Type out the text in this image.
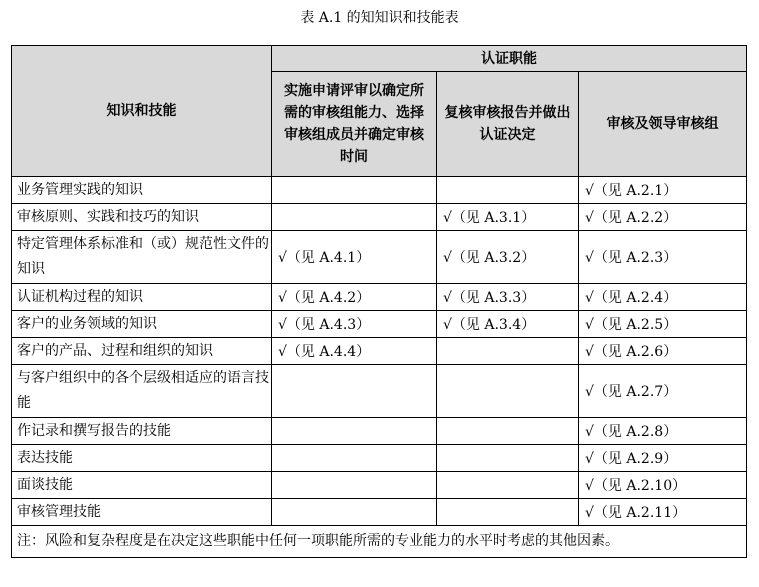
表 A.1 的知知识和技能表
知识和技能	认证职能		
	实施申请评审以确定所需的审核组能力、选择审核组成员并确定审核时间	复核审核报告并做出认证决定	审核及领导审核组
业务管理实践的知识			√（见 A.2.1）
审核原则、实践和技巧的知识		√（见 A.3.1）	√（见 A.2.2）
特定管理体系标准和（或）规范性文件的知识	√（见 A.4.1）	√（见 A.3.2）	√（见 A.2.3）
认证机构过程的知识	√（见 A.4.2）	√（见 A.3.3）	√（见 A.2.4）
客户的业务领域的知识	√（见 A.4.3）	√（见 A.3.4）	√（见 A.2.5）
客户的产品、过程和组织的知识	√（见 A.4.4）		√（见 A.2.6）
与客户组织中的各个层级相适应的语言技能			√（见 A.2.7）
作记录和撰写报告的技能			√（见 A.2.8）
表达技能			√（见 A.2.9）
面谈技能			√（见 A.2.10）
审核管理技能			√（见 A.2.11）
注：风险和复杂程度是在决定这些职能中任何一项职能所需的专业能力的水平时考虑的其他因素。			
